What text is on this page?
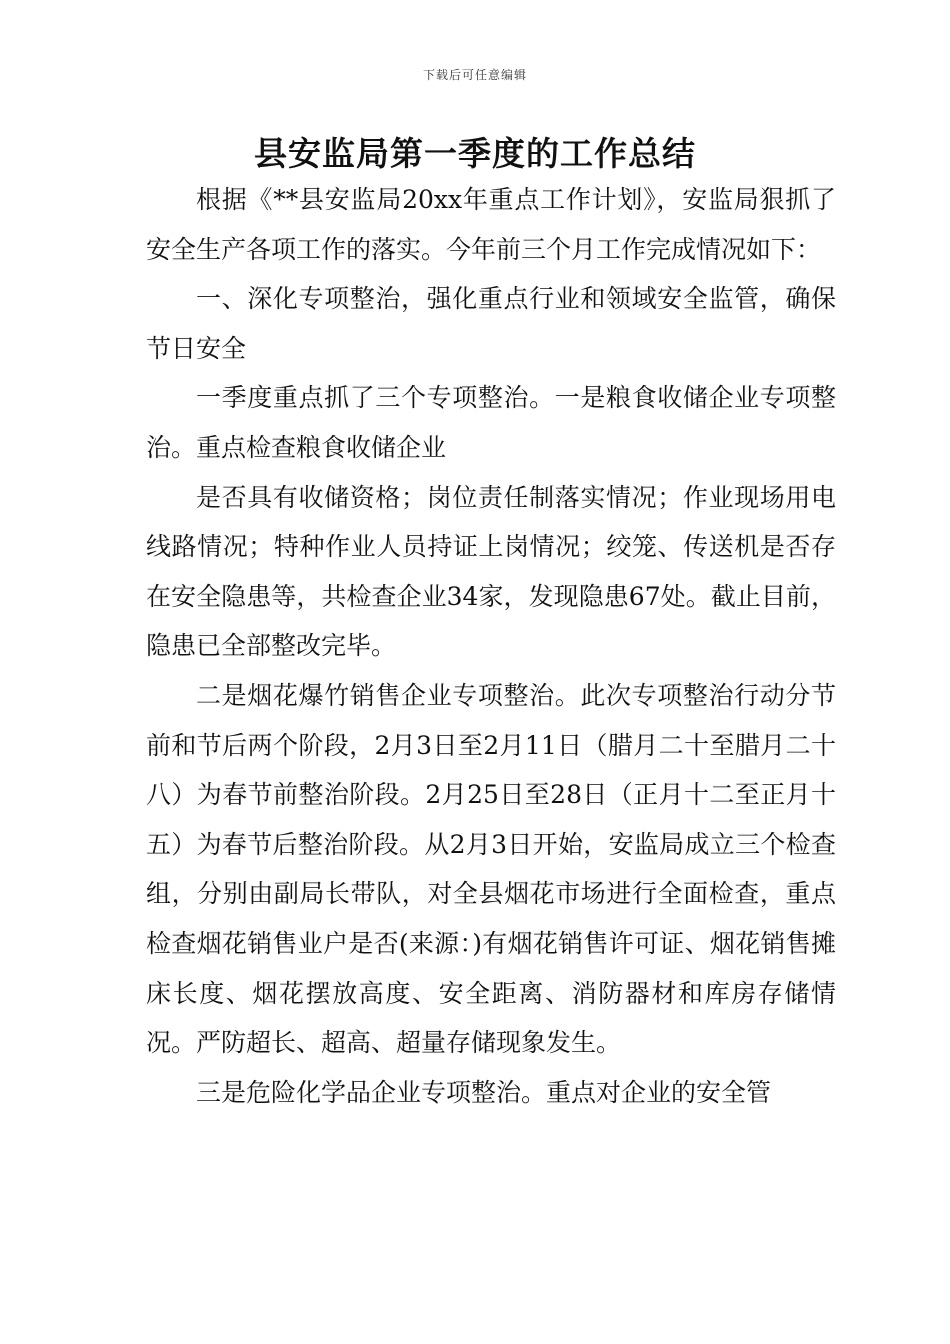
下载后可任意编辑
县安监局第一季度的工作总结

根据《**县安监局20xx年重点工作计划》，安监局狠抓了安全生产各项工作的落实。今年前三个月工作完成情况如下：

一、深化专项整治，强化重点行业和领域安全监管，确保节日安全

一季度重点抓了三个专项整治。一是粮食收储企业专项整治。重点检查粮食收储企业

是否具有收储资格；岗位责任制落实情况；作业现场用电线路情况；特种作业人员持证上岗情况；绞笼、传送机是否存在安全隐患等，共检查企业34家，发现隐患67处。截止目前，隐患已全部整改完毕。

二是烟花爆竹销售企业专项整治。此次专项整治行动分节前和节后两个阶段，2月3日至2月11日（腊月二十至腊月二十八）为春节前整治阶段。2月25日至28日（正月十二至正月十五）为春节后整治阶段。从2月3日开始，安监局成立三个检查组，分别由副局长带队，对全县烟花市场进行全面检查，重点检查烟花销售业户是否(来源：)有烟花销售许可证、烟花销售摊床长度、烟花摆放高度、安全距离、消防器材和库房存储情况。严防超长、超高、超量存储现象发生。

三是危险化学品企业专项整治。重点对企业的安全管
